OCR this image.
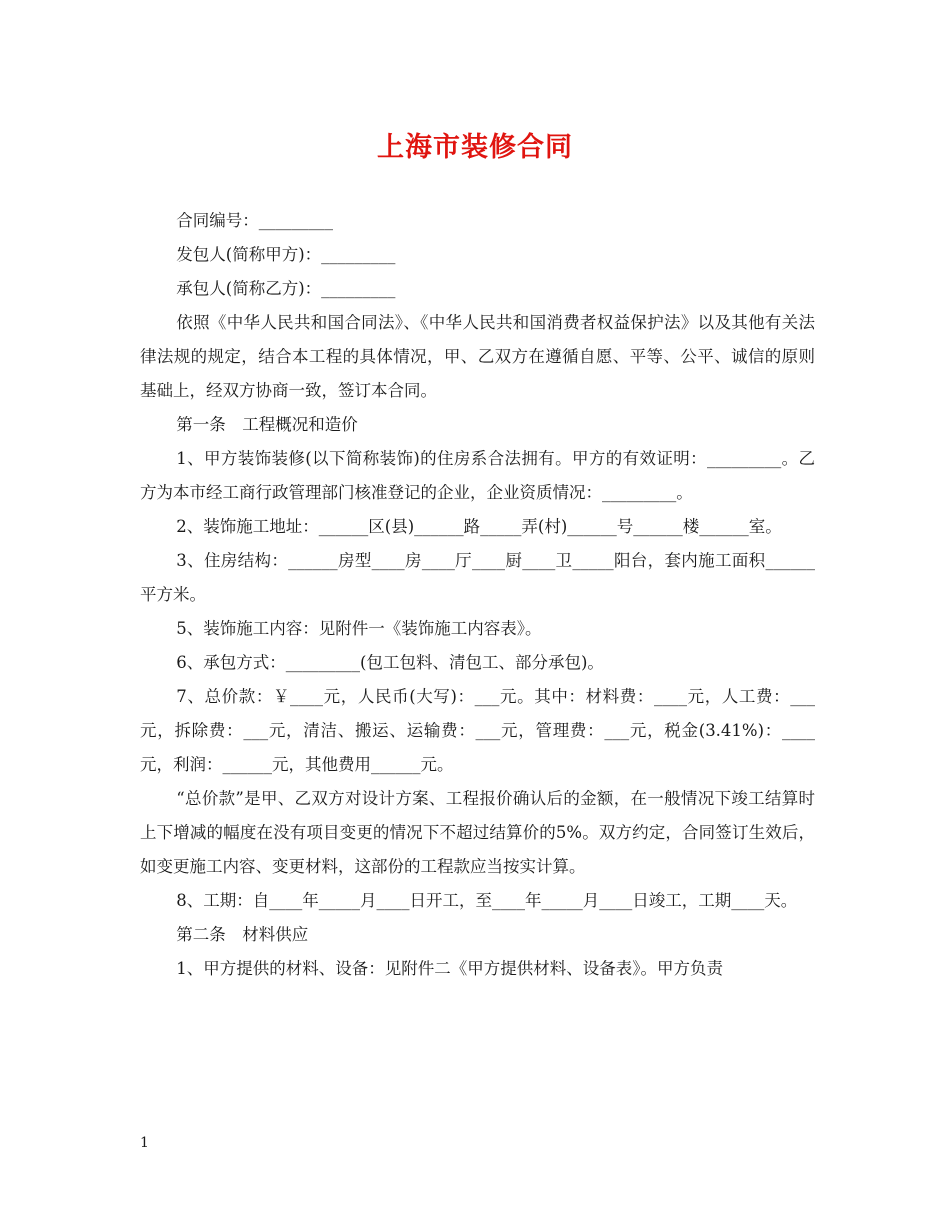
上海市装修合同

合同编号：_________

发包人(简称甲方)：_________

承包人(简称乙方)：_________

依照《中华人民共和国合同法》、《中华人民共和国消费者权益保护法》以及其他有关法律法规的规定，结合本工程的具体情况，甲、乙双方在遵循自愿、平等、公平、诚信的原则基础上，经双方协商一致，签订本合同。

第一条　工程概况和造价

1、甲方装饰装修(以下简称装饰)的住房系合法拥有。甲方的有效证明：_________。乙方为本市经工商行政管理部门核准登记的企业，企业资质情况：_________。

2、装饰施工地址：______区(县)______路_____弄(村)______号______楼______室。

3、住房结构：______房型____房____厅____厨____卫_____阳台，套内施工面积______平方米。

5、装饰施工内容：见附件一《装饰施工内容表》。

6、承包方式：_________(包工包料、清包工、部分承包)。

7、总价款：￥____元，人民币(大写)：___元。其中：材料费：____元，人工费：___元，拆除费：___元，清洁、搬运、运输费：___元，管理费：___元，税金(3.41%)：____元，利润：______元，其他费用______元。

“总价款”是甲、乙双方对设计方案、工程报价确认后的金额，在一般情况下竣工结算时上下增减的幅度在没有项目变更的情况下不超过结算价的5%。双方约定，合同签订生效后，如变更施工内容、变更材料，这部份的工程款应当按实计算。

8、工期：自____年_____月____日开工，至____年_____月____日竣工，工期____天。

第二条　材料供应

1、甲方提供的材料、设备：见附件二《甲方提供材料、设备表》。甲方负责

1
